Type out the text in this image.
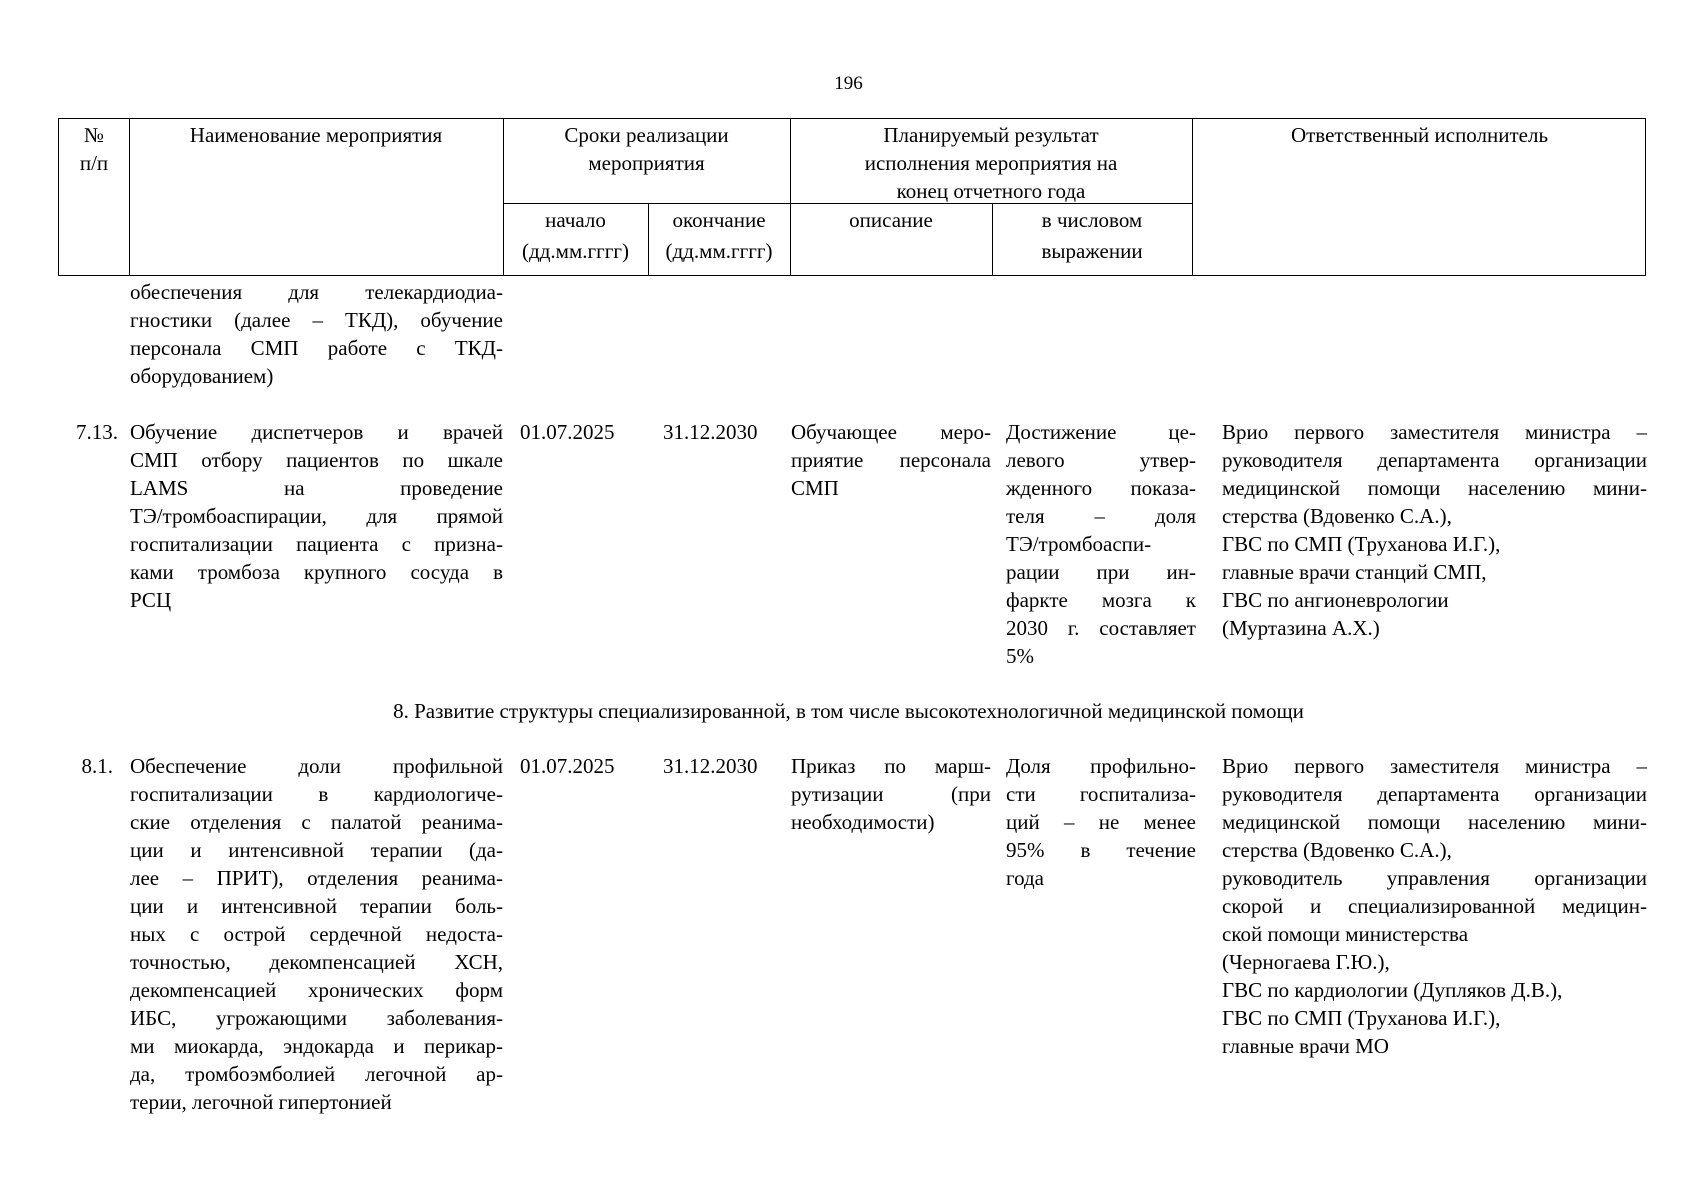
196
№
п/п
Наименование мероприятия	Сроки реализации
мероприятия
Планируемый результат
исполнения мероприятия на
конец отчетного года
Ответственный исполнитель
начало
(дд.мм.гггг)
окончание
(дд.мм.гггг)
описание	в числовом
выражении
обеспечения для телекардиодиа-
гностики (далее – ТКД), обучение
персонала СМП работе с ТКД-
оборудованием)
7.13. Обучение диспетчеров и врачей
СМП отбору пациентов по шкале
LAMS на проведение
ТЭ/тромбоаспирации, для прямой
госпитализации пациента с призна-
ками тромбоза крупного сосуда в
РСЦ
01.07.2025 31.12.2030 Обучающее меро-
приятие персонала
СМП
Достижение це-
левого утвер-
жденного показа-
теля – доля
ТЭ/тромбоаспи-
рации при ин-
фаркте мозга к
2030 г. составляет
5%
Врио первого заместителя министра –
руководителя департамента организации
медицинской помощи населению мини-
стерства (Вдовенко С.А.),
ГВС по СМП (Труханова И.Г.),
главные врачи станций СМП,
ГВС по ангионеврологии
(Муртазина А.Х.)
8. Развитие структуры специализированной, в том числе высокотехнологичной медицинской помощи
8.1. Обеспечение доли профильной
госпитализации в кардиологиче-
ские отделения с палатой реанима-
ции и интенсивной терапии (да-
лее – ПРИТ), отделения реанима-
ции и интенсивной терапии боль-
ных с острой сердечной недоста-
точностью, декомпенсацией ХСН,
декомпенсацией хронических форм
ИБС, угрожающими заболевания-
ми миокарда, эндокарда и перикар-
да, тромбоэмболией легочной ар-
терии, легочной гипертонией
01.07.2025 31.12.2030 Приказ по марш-
рутизации (при
необходимости)
Доля профильно-
сти госпитализа-
ций – не менее
95% в течение
года
Врио первого заместителя министра –
руководителя департамента организации
медицинской помощи населению мини-
стерства (Вдовенко С.А.),
руководитель управления организации
скорой и специализированной медицин-
ской помощи министерства
(Черногаева Г.Ю.),
ГВС по кардиологии (Дупляков Д.В.),
ГВС по СМП (Труханова И.Г.),
главные врачи МО
